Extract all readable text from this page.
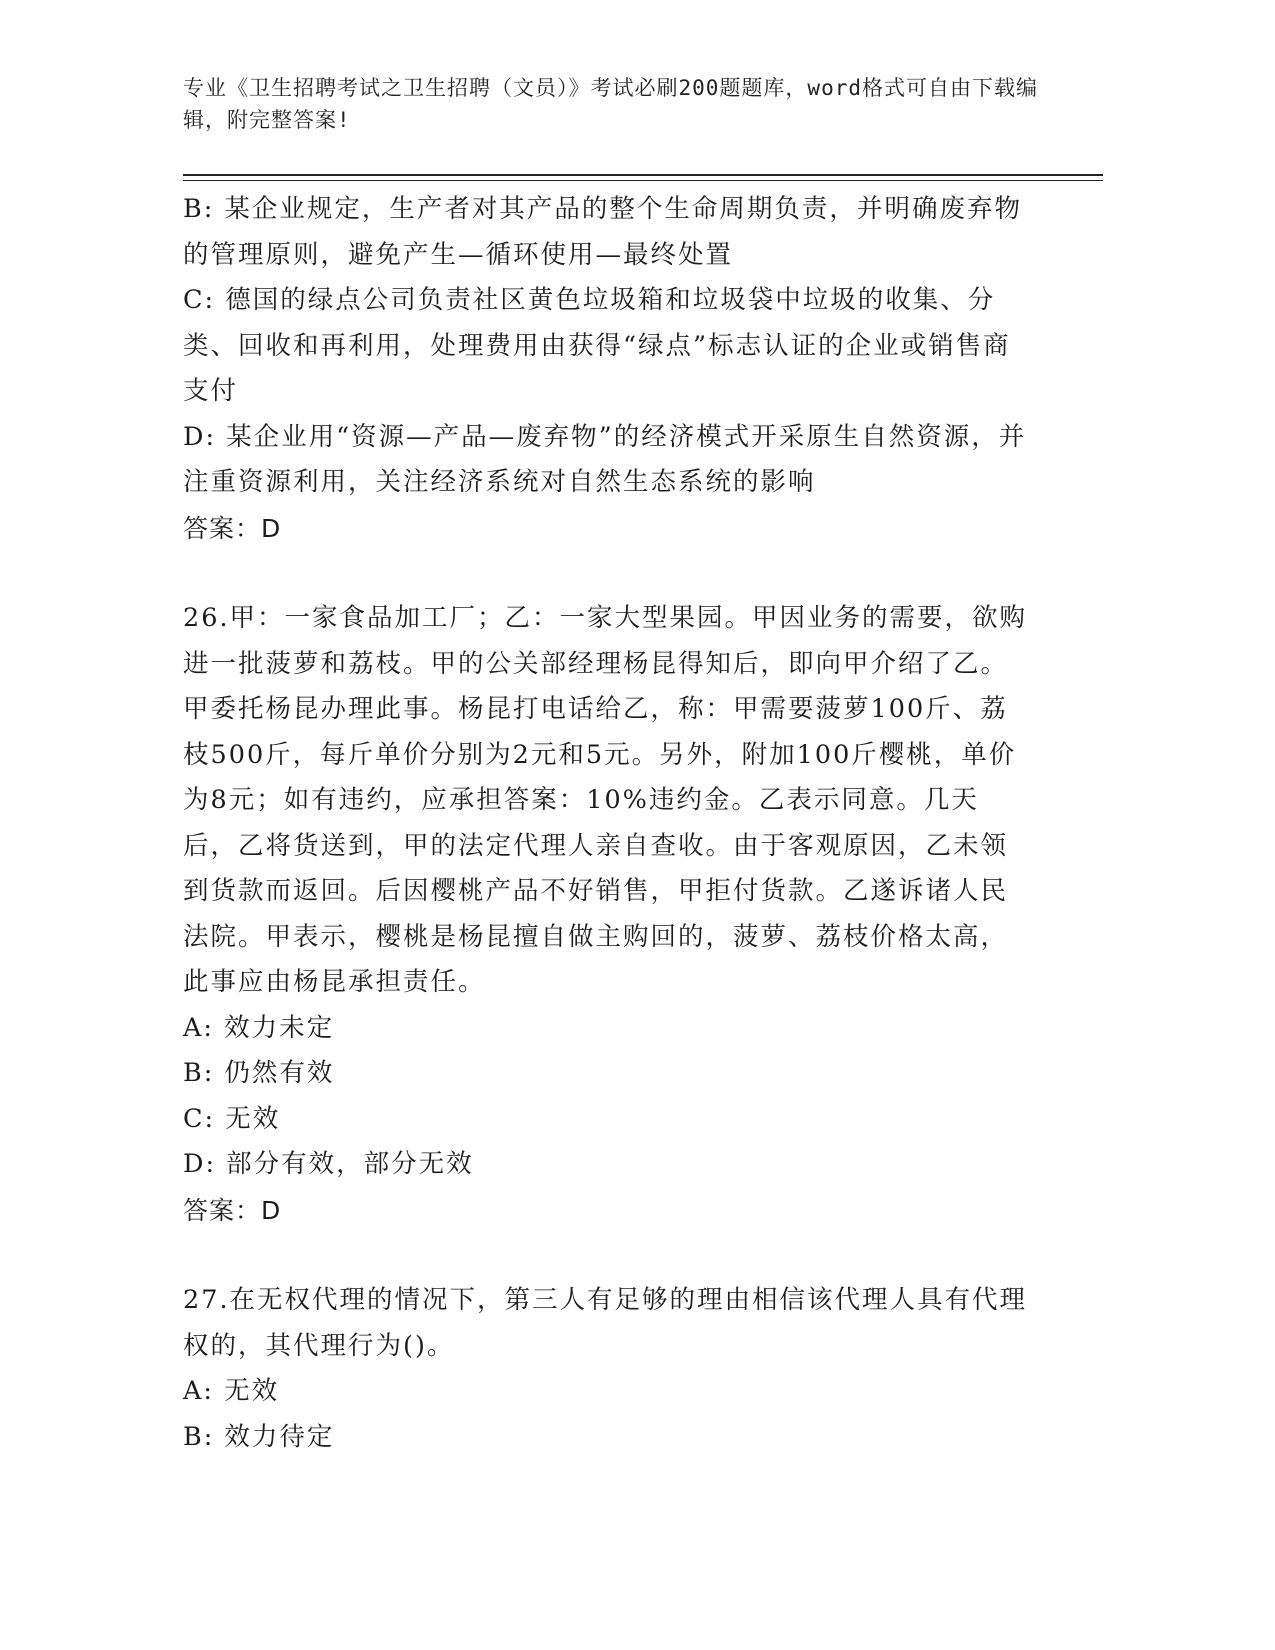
专业《卫生招聘考试之卫生招聘（文员）》考试必刷200题题库，word格式可自由下载编辑，附完整答案!

B: 某企业规定，生产者对其产品的整个生命周期负责，并明确废弃物的管理原则，避免产生—循环使用—最终处置

C: 德国的绿点公司负责社区黄色垃圾箱和垃圾袋中垃圾的收集、分类、回收和再利用，处理费用由获得“绿点”标志认证的企业或销售商支付

D: 某企业用“资源—产品—废弃物”的经济模式开采原生自然资源，并注重资源利用，关注经济系统对自然生态系统的影响

答案：D

26.甲：一家食品加工厂；乙：一家大型果园。甲因业务的需要，欲购进一批菠萝和荔枝。甲的公关部经理杨昆得知后，即向甲介绍了乙。甲委托杨昆办理此事。杨昆打电话给乙，称：甲需要菠萝100斤、荔枝500斤，每斤单价分别为2元和5元。另外，附加100斤樱桃，单价为8元；如有违约，应承担答案：10%违约金。乙表示同意。几天后，乙将货送到，甲的法定代理人亲自查收。由于客观原因，乙未领到货款而返回。后因樱桃产品不好销售，甲拒付货款。乙遂诉诸人民法院。甲表示，樱桃是杨昆擅自做主购回的，菠萝、荔枝价格太高，此事应由杨昆承担责任。

A: 效力未定

B: 仍然有效

C: 无效

D: 部分有效，部分无效

答案：D

27.在无权代理的情况下，第三人有足够的理由相信该代理人具有代理权的，其代理行为()。

A: 无效

B: 效力待定
